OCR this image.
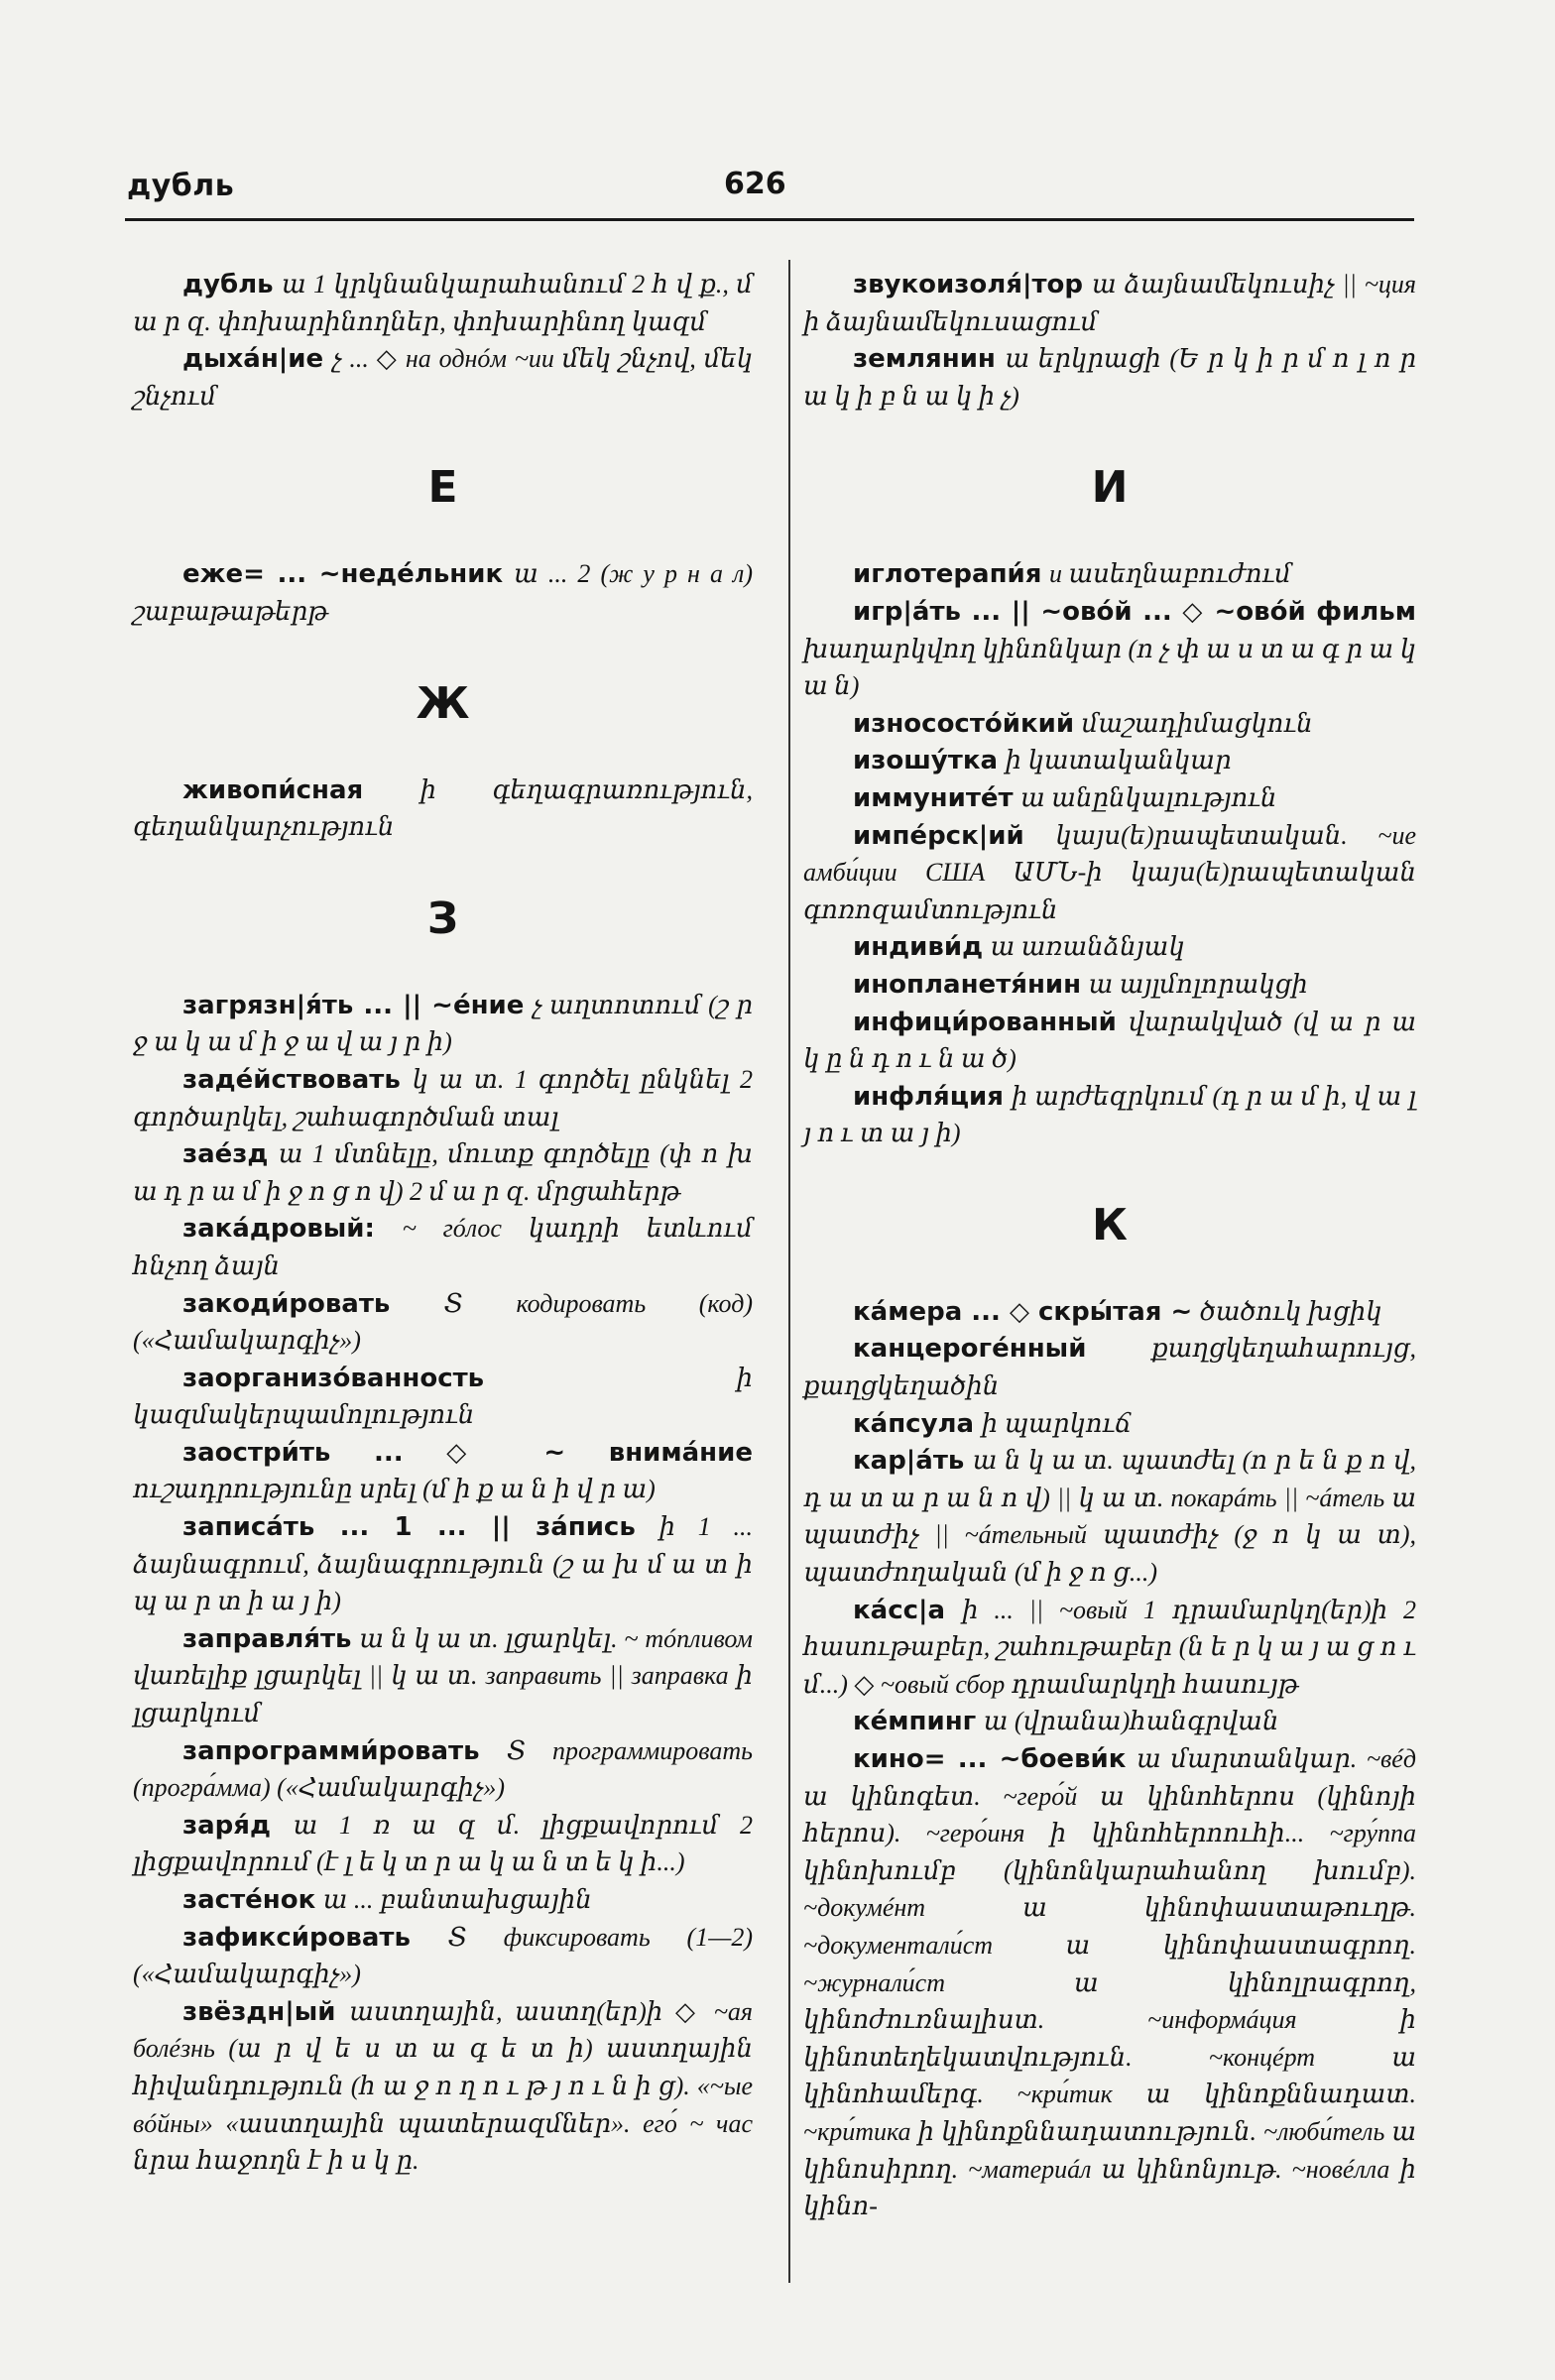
дубль	626

дубль ա 1 կրկնանկարահանում 2 հ վ ք., մ ա ր զ. փոխարինողներ, փոխարինող կազմ

дыхáн|ие չ ... ◇ на однóм ~ии մեկ շնչով, մեկ շնչում

Е

еже= ... ~недéльник ա ... 2 (ж у р н а л) շաբաթաթերթ

Ж

живопи́сная ի գեղագրառություն, գեղանկարչություն

З

загрязн|я́ть ... || ~éние չ աղտոտում (շ ր ջ ա կ ա մ ի ջ ա վ ա յ ր ի)

задéйствовать կ ա տ. 1 գործել ընկնել 2 գործարկել, շահագործման տալ

заéзд ա 1 մտնելը, մուտք գործելը (փ ո խ ա դ ր ա մ ի ջ ո ց ո վ) 2 մ ա ր զ. մրցահերթ

закáдровый: ~ гóлос կադրի ետևում հնչող ձայն

закоди́ровать Տ кодировать (код) («Համակարգիչ»)

заорганизóванность	ի կազմակերպամոլություն

заостри́ть ... ◇ ~ внимáние ուշադրությունը սրել (մ ի ք ա ն ի վ ր ա)

записáть ... 1 ... || зáпись ի 1 ... ձայնագրում, ձայնագրություն (շ ա խ մ ա տ ի պ ա ր տ ի ա յ ի)

заправля́ть ա ն կ ա տ. լցարկել. ~ тóпливом վառելիք լցարկել || կ ա տ. заправить || заправка ի լցարկում

запрограмми́ровать Տ программировать (програ́мма) («Համակարգիչ»)

заря́д ա 1 ռ ա զ մ. լիցքավորում 2 լիցքավորում (է լ ե կ տ ր ա կ ա ն տ ե կ ի...)

застéнок ա ... բանտախցային

зафикси́ровать Տ фиксировать (1—2) («Համակարգիչ»)

звёздн|ый աստղային, աստղ(եր)ի ◇ ~ая болéзнь (ա ր վ ե ս տ ա գ ե տ ի) աստղային հիվանդություն (հ ա ջ ո ղ ո ւ թ յ ո ւ ն ի ց). «~ые вóйны» «աստղային պատերազմներ». его́ ~ час նրա հաջողն է ի ս կ ը.

звукоизоля́|тор ա ձայնամեկուսիչ || ~ция ի ձայնամեկուսացում

землянин ա երկրացի (Ե ր կ ի ր մ ո լ ո ր ա կ ի բ ն ա կ ի չ)

И

иглотерапи́я и ասեղնաբուժում

игр|áть ... || ~ово́й ... ◇ ~ово́й фильм խաղարկվող կինոնկար (ո չ փ ա ս տ ա գ ր ա կ ա ն)

износостóйкий մաշադիմացկուն

изошу́тка ի կատականկար

иммуните́т ա անընկալություն

импéрск|ий կայս(ե)րապետական. ~ие амби́ции США ԱՄՆ-ի կայս(ե)րապետական գոռոզամտություն

индиви́д ա առանձնյակ

инопланетя́нин ա այլմոլորակցի

инфици́рованный վարակված (վ ա ր ա կ ը ն դ ո ւ ն ա ծ)

инфля́ция ի արժեզրկում (դ ր ա մ ի, վ ա լ յ ո ւ տ ա յ ի)

К

кáмера ... ◇ скры́тая ~ ծածուկ խցիկ

канцероге́нный	քաղցկեղահարույց, քաղցկեղածին

кáпсула ի պարկուճ

кар|áть ա ն կ ա տ. պատժել (ո ր ե ն ք ո վ, դ ա տ ա ր ա ն ո վ) || կ ա տ. покарáть || ~áтель ա պատժիչ || ~áтельный պատժիչ (ջ ո կ ա տ), պատժողական (մ ի ջ ո ց...)

кáсс|а ի ... || ~овый 1 դրամարկղ(եր)ի 2 հասութաբեր, շահութաբեր (ն ե ր կ ա յ ա ց ո ւ մ...) ◇ ~овый сбор դրամարկղի հասույթ

кéмпинг ա (վրանա)հանգրվան

кино= ... ~боеви́к ա մարտանկար. ~вéд ա կինոգետ. ~геро́й ա կինոհերոս (կինոյի հերոս). ~геро́иня ի կինոհերոուհի... ~гру́ппа կինոխումբ (կինոնկարահանող խումբ). ~докумéнт ա կինոփաստաթուղթ. ~документали́ст ա կինոփաստագրող. ~журнали́ст ա կինոլրագրող, կինոժուռնալիստ. ~информáция ի կինոտեղեկատվություն. ~концéрт ա կինոհամերգ. ~кри́тик ա կինոքննադատ. ~кри́тика ի կինոքննադատություն. ~люби́тель ա կինոսիրող. ~материáл ա կինոնյութ. ~новéлла ի կինո-
